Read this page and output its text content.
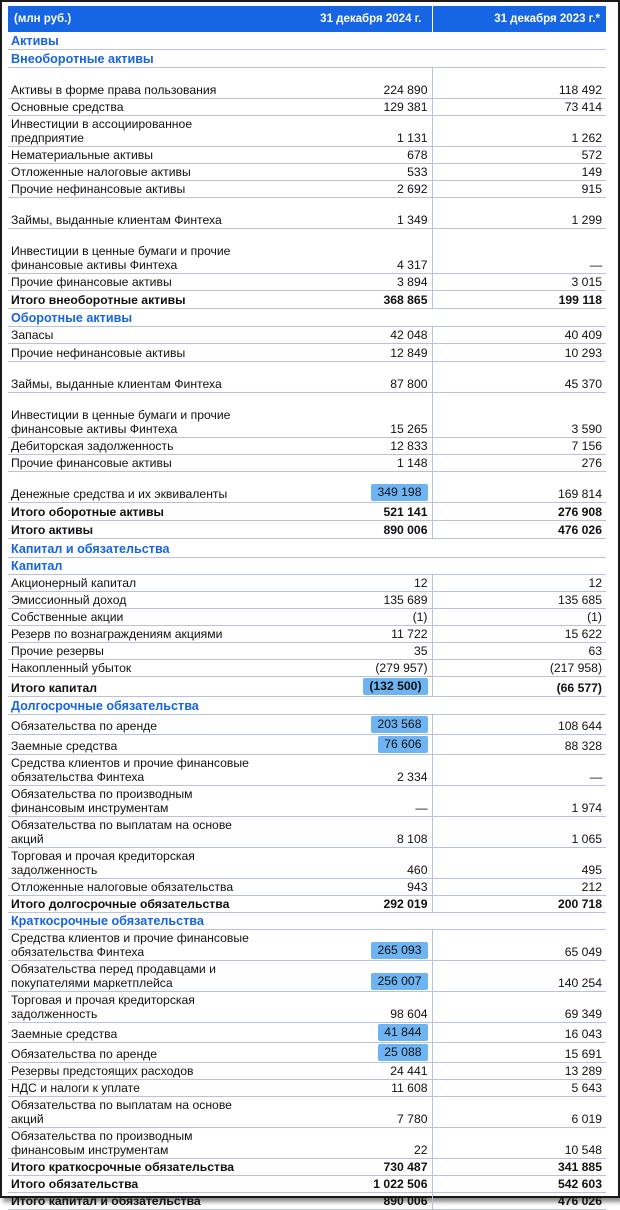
(млн руб.)	31 декабря 2024 г.	31 декабря 2023 г.*
Активы		
Внеоборотные активы		
Активы в форме права пользования	224 890	118 492
Основные средства	129 381	73 414
Инвестиции в ассоциированное предприятие	1 131	1 262
Нематериальные активы	678	572
Отложенные налоговые активы	533	149
Прочие нефинансовые активы	2 692	915
Займы, выданные клиентам Финтеха	1 349	1 299
Инвестиции в ценные бумаги и прочие финансовые активы Финтеха	4 317	—
Прочие финансовые активы	3 894	3 015
Итого внеоборотные активы	368 865	199 118
Оборотные активы		
Запасы	42 048	40 409
Прочие нефинансовые активы	12 849	10 293
Займы, выданные клиентам Финтеха	87 800	45 370
Инвестиции в ценные бумаги и прочие финансовые активы Финтеха	15 265	3 590
Дебиторская задолженность	12 833	7 156
Прочие финансовые активы	1 148	276
Денежные средства и их эквиваленты	349 198	169 814
Итого оборотные активы	521 141	276 908
Итого активы	890 006	476 026
Капитал и обязательства		
Капитал		
Акционерный капитал	12	12
Эмиссионный доход	135 689	135 685
Собственные акции	(1)	(1)
Резерв по вознаграждениям акциями	11 722	15 622
Прочие резервы	35	63
Накопленный убыток	(279 957)	(217 958)
Итого капитал	(132 500)	(66 577)
Долгосрочные обязательства		
Обязательства по аренде	203 568	108 644
Заемные средства	76 606	88 328
Средства клиентов и прочие финансовые обязательства Финтеха	2 334	—
Обязательства по производным финансовым инструментам	—	1 974
Обязательства по выплатам на основе акций	8 108	1 065
Торговая и прочая кредиторская задолженность	460	495
Отложенные налоговые обязательства	943	212
Итого долгосрочные обязательства	292 019	200 718
Краткосрочные обязательства		
Средства клиентов и прочие финансовые обязательства Финтеха	265 093	65 049
Обязательства перед продавцами и покупателями маркетплейса	256 007	140 254
Торговая и прочая кредиторская задолженность	98 604	69 349
Заемные средства	41 844	16 043
Обязательства по аренде	25 088	15 691
Резервы предстоящих расходов	24 441	13 289
НДС и налоги к уплате	11 608	5 643
Обязательства по выплатам на основе акций	7 780	6 019
Обязательства по производным финансовым инструментам	22	10 548
Итого краткосрочные обязательства	730 487	341 885
Итого обязательства	1 022 506	542 603
Итого капитал и обязательства	890 006	476 026
